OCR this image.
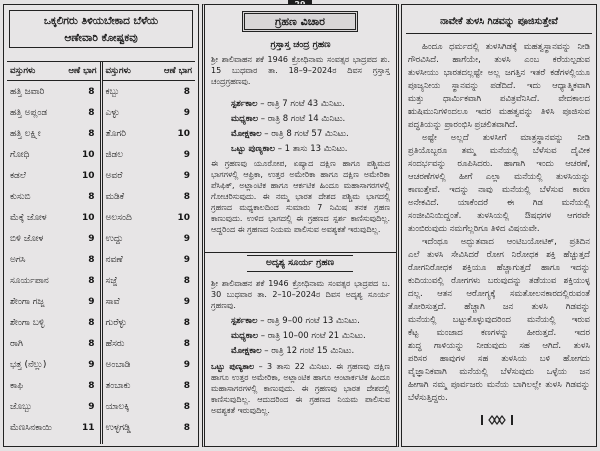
ಒಕ್ಕಲಿಗರು ತಿಳಿಯಬೇಕಾದ ಬೆಳೆಯ
ಆಣೇವಾರಿ ಕೋಷ್ಟಕವು
ವಸ್ತುಗಳು	ಆಣೆ ಭಾಗ
ಹತ್ತಿ ಜವಾರಿ	8
ಹತ್ತಿ ಅಪ್ಲಂಡ	8
ಹತ್ತಿ ಲಕ್ಷ್ಮೀ	8
ಗೋಧಿ	10
ಕಡಲೆ	10
ಕುಸುಬಿ	8
ಮೆಕ್ಕೆ ಜೋಳ	10
ಬಿಳಿ ಜೋಳ	9
ಅಗಸಿ	8
ಸೂರ್ಯಪಾನ	8
ಶೇಂಗಾ ಗಜ್ಜ	9
ಶೇಂಗಾ ಬಳ್ಳಿ	8
ರಾಗಿ	8
ಭತ್ತ (ನೆಲ್ಲು)	9
ಕಾಫಿ	8
ಜೊಬ್ಬು	9
ಮೆಣಸಿನಕಾಯಿ	11
ವಸ್ತುಗಳು	ಆಣೆ ಭಾಗ
ಕಬ್ಬು	8
ಎಳ್ಳು	9
ತೊಗರಿ	10
ಜಿಡಲ	9
ಅವರೆ	9
ಮಡಿಕೆ	8
ಅಲಸಂದಿ	10
ಉದ್ದು	9
ನವಣೆ	9
ಸಜ್ಜೆ	8
ಸಾವೆ	9
ಗುರೆಳ್ಳು	8
ಹೆಸರು	8
ಅಂಬಾಡಿ	9
ತಂಬಾಕು	8
ಯಾಲಕ್ಕಿ	8
ಉಳ್ಳಗಡ್ಡಿ	8
ಗ್ರಹಣ ವಿಚಾರ
ಗ್ರಸ್ತಾಸ್ತ ಚಂದ್ರ ಗ್ರಹಣ
ಶ್ರೀ ಶಾಲಿವಾಹನ ಶಕೆ 1946 ಕ್ರೋಧಿನಾಮ ಸಂವತ್ಸರ ಭಾದ್ರಪದ ಶು. 15 ಬುಧವಾರ ತಾ. 18–9–2024ರ ದಿವಸ ಗ್ರಸ್ತಾಸ್ತ ಚಂದ್ರಗ್ರಹಣವು.
ಸ್ಪರ್ಶಕಾಲ – ರಾತ್ರಿ 7 ಗಂಟೆ 43 ಮಿನಿಟು.
ಮಧ್ಯಕಾಲ – ರಾತ್ರಿ 8 ಗಂಟೆ 14 ಮಿನಿಟು.
ಮೋಕ್ಷಕಾಲ – ರಾತ್ರಿ 8 ಗಂಟೆ 57 ಮಿನಿಟು.
ಒಟ್ಟು ಪುಣ್ಯಕಾಲ – 1 ತಾಸು 13 ಮಿನಿಟು.
ಈ ಗ್ರಹಣವು ಯೂರೋಪ, ಏಷ್ಯಾದ ದಕ್ಷಿಣ ಹಾಗೂ ಪಶ್ಚಿಮದ ಭಾಗಗಳಲ್ಲಿ ಆಫ್ರಿಕಾ, ಉತ್ತರ ಅಮೇರಿಕಾ ಹಾಗೂ ದಕ್ಷಿಣ ಅಮೇರಿಕಾ ಪೆಸಿಫಿಕ್, ಅಟ್ಲಾಂಟಿಕ ಹಾಗೂ ಆರ್ಕಟಿಕ ಹಿಂದೂ ಮಹಾಸಾಗರಗಳಲ್ಲಿ ಗೋಚರಿಸುವುದು. ಈ ನಮ್ಮ ಭಾರತ ದೇಶದ ಪಶ್ಚಿಮ ಭಾಗದಲ್ಲಿ ಗ್ರಹಣದ ಮಧ್ಯಕಾಲದಿಂದ ಸುಮಾರು 7 ನಿಮಿಷ ತನಕ ಗ್ರಹಣ ಕಾಣುವುದು. ಉಳಿದ ಭಾಗದಲ್ಲಿ ಈ ಗ್ರಹಣದ ಸ್ಪರ್ಶ ಕಾಣಿಸುವುದಿಲ್ಲ. ಆದ್ದರಿಂದ ಈ ಗ್ರಹಣದ ನಿಯಮ ಪಾಲಿಸುವ ಅವಶ್ಯಕತೆ ಇರುವುದಿಲ್ಲ.
ಅದೃಶ್ಯ ಸೂರ್ಯ ಗ್ರಹಣ
ಶ್ರೀ ಶಾಲಿವಾಹನ ಶಕೆ 1946 ಕ್ರೋಧಿನಾಮ ಸಂವತ್ಸರ ಭಾದ್ರಪದ ಬ. 30 ಬುಧವಾರ ತಾ. 2–10–2024ರ ದಿವಸ ಅದೃಶ್ಯ ಸೂರ್ಯ ಗ್ರಹಣವು.
ಸ್ಪರ್ಶಕಾಲ – ರಾತ್ರಿ 9–00 ಗಂಟೆ 13 ಮಿನಿಟು.
ಮಧ್ಯಕಾಲ – ರಾತ್ರಿ 10–00 ಗಂಟೆ 21 ಮಿನಿಟು.
ಮೋಕ್ಷಕಾಲ – ರಾತ್ರಿ 12 ಗಂಟೆ 15 ಮಿನಿಟು.
ಒಟ್ಟು ಪುಣ್ಯಕಾಲ – 3 ತಾಸು 22 ಮಿನಿಟು. ಈ ಗ್ರಹಣವು ದಕ್ಷಿಣ ಹಾಗೂ ಉತ್ತರ ಅಮೇರಿಕಾ, ಅಟ್ಲಾಂಟಿಕ ಹಾಗೂ ಆಂಟಾರ್ಕಟಿಕ ಹಿಂದೂ ಮಹಾಸಾಗರಗಳಲ್ಲಿ ಕಾಣುವುದು. ಈ ಗ್ರಹಣವು ಭಾರತ ದೇಶದಲ್ಲಿ ಕಾಣಿಸುವುದಿಲ್ಲ. ಆದುದರಿಂದ ಈ ಗ್ರಹಣದ ನಿಯಮ ಪಾಲಿಸುವ ಅವಶ್ಯಕತೆ ಇರುವುದಿಲ್ಲ.
ನಾವೇಕೆ ತುಳಸಿ ಗಿಡವನ್ನು ಪೂಜಿಸುತ್ತೇವೆ
ಹಿಂದೂ ಧರ್ಮದಲ್ಲಿ ತುಳಸಿಗಿಡಕ್ಕೆ ಮಹತ್ವಸ್ಥಾನವನ್ನು ನೀಡಿ
ಗೌರವಿಸಿದೆ. ಹಾಗೆಯೇ, ತುಳಸಿ ಎಂಬ ಕರೆಯಲ್ಪಡುವ
ತುಳಸೀಯು ಭಾರತದಲ್ಲಷ್ಟೇ ಅಲ್ಲ ಜಗತ್ತಿನ ಇತರೆ ಕಡೆಗಳಲ್ಲಿಯೂ
ಪೂಜ್ಯನೀಯ ಸ್ಥಾನವನ್ನು ಪಡೆದಿದೆ. ಇದು ಆಧ್ಯಾತ್ಮಿಕವಾಗಿ
ಮತ್ತು ಧಾರ್ಮಿಕವಾಗಿ ಪವಿತ್ರವೆನಿಸಿದೆ. ವೇದಕಾಲದ
ಋಷಿಮುನಿಗಳಿಂದಲೂ ಇದರ ಮಹತ್ವವನ್ನು ತಿಳಿಸಿ ಪೂಜಿಸುವ
ಪದ್ಧತಿಯನ್ನು ಪ್ರಾರಂಭಿಸಿ ಪ್ರಚಲಿತವಾಗಿದೆ.
ಅಷ್ಟೇ ಅಲ್ಲದೆ ತುಳಸೀಗೆ ಮಾತ್ರಸ್ಥಾನವನ್ನು ನೀಡಿ
ಪ್ರತಿಯೊಬ್ಬರೂ ತಮ್ಮ ಮನೆಯಲ್ಲಿ ಬೆಳೆಸುವ ದೈವೀಕ
ಸಂದರ್ಭವನ್ನು ರೂಪಿಸಿದರು. ಹಾಗಾಗಿ ಇಂದು ಆಚರಣೆ,
ಆಚರಣೆಗಳಲ್ಲಿ ಹೀಗೆ ಎಲ್ಲಾ ಮನೆಯಲ್ಲಿ ತುಳಸಿಯನ್ನು
ಕಾಣುತ್ತೇವೆ. ಇದನ್ನು ನಾವು ಮನೆಯಲ್ಲಿ ಬೆಳೆಸುವ ಕಾರಣ
ಅನೇಕವಿದೆ. ಯಾಕೆಂದರೆ ಈ ಗಿಡ ಮನೆಯಲ್ಲಿ
ಸಂಜೀವಿನಿಯಿದ್ದಂತೆ. ತುಳಸಿಯಲ್ಲಿ ಔಷಧಗಳ ಆಗರವೇ
ತುಂಬಿರುವುದು ನಮಗೆಲ್ಲರಿಗೂ ತಿಳಿದ ವಿಷಯವೇ.
ಇದೆಂಥೂ ಅದ್ಭುತವಾದ ಆಂಟಿಬಯೋಟಿಕ್, ಪ್ರತಿದಿನ
ಎಲೆ ತುಳಸಿ ಸೇವಿಸಿದರೆ ರೋಗ ನಿರೋಧಕ ಶಕ್ತಿ ಹೆಚ್ಚುತ್ತದೆ
ರೋಗನಿರೋಧಕ ಶಕ್ತಿಯೂ ಹೆಚ್ಚಾಗುತ್ತದೆ ಹಾಗೂ ಇದನ್ನು
ಕುದಿಯುವಲ್ಲಿ ರೋಗಗಳು ಬರುವುದನ್ನು ತಡೆಯುವ ಶಕ್ತಿಯುಳ್ಳ
ದಲ್ಲ. ಆತನ ಆರೋಗ್ಯಕ್ಕೆ ಸಮತೋಲನಕಾರದಲ್ಲಿರುವಂತೆ
ತೋರಿಸುತ್ತದೆ. ಹೆಚ್ಚಾಗಿ ಜನ ತುಳಸಿ ಗಿಡವನ್ನು
ಮನೆಯಲ್ಲಿ ಬಟ್ಟುಕೊಳ್ಳುವುದರಿಂದ ಮನೆಯಲ್ಲಿ ಇರುವ
ಕೆಟ್ಟ ಮಂಜಾದ ಕಣಗಳನ್ನು ಹೀರುತ್ತದೆ. ಇದರ
ಶುದ್ಧ ಗಾಳಿಯನ್ನು ನೀಡುವುದು ಸಹ ಆಗಿದೆ. ತುಳಸಿ
ಪರಿಸರ ಹಾವುಗಳ ಸಹ ತುಳಸಿಯ ಬಳಿ ಹೋಗದು
ವೈಜ್ಞಾನಿಕವಾಗಿ ಮನೆಯಲ್ಲಿ ಬೆಳೆಸುವುದು ಒಳ್ಳೆಯ ಜನ
ಹೀಗಾಗಿ ನಮ್ಮ ಪೂರ್ವಜರು ಮನೆಯ ಬಾಗಿಲಲ್ಲೇ ತುಳಸಿ ಗಿಡವನ್ನು
ಬೆಳೆಸುತ್ತಿದ್ದರು.
